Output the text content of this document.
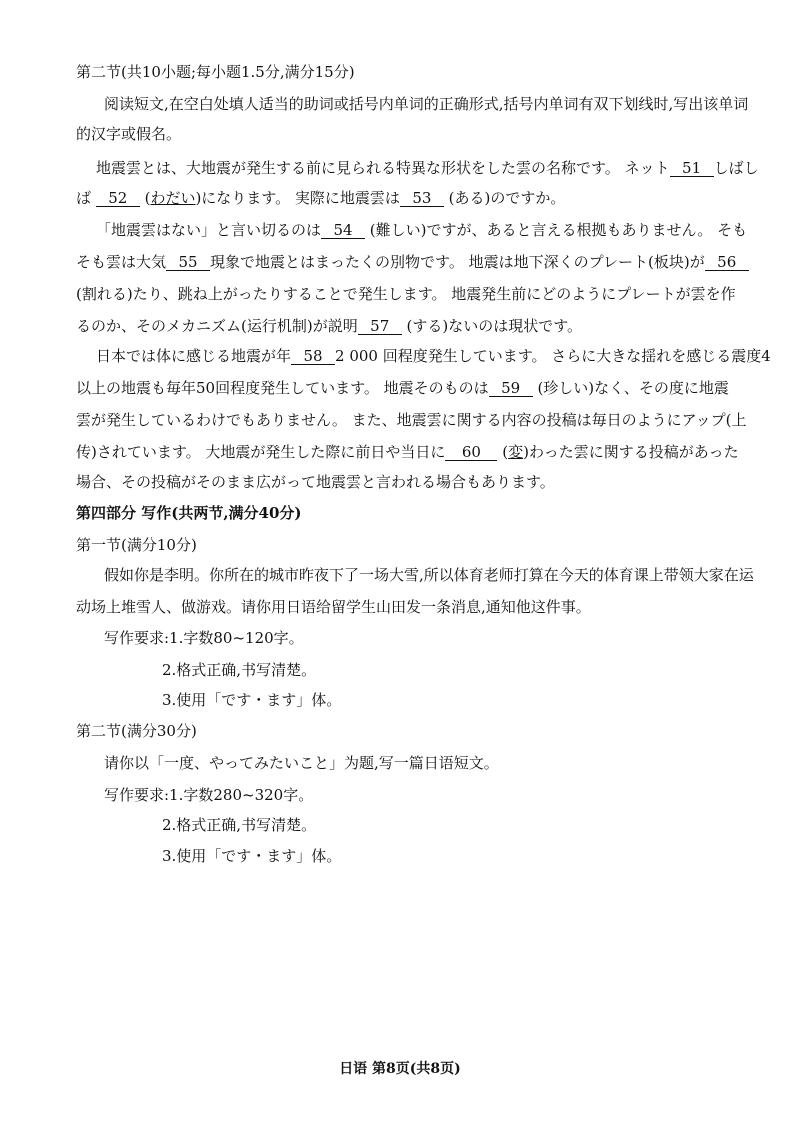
第二节(共10小题;每小题1.5分,满分15分)
阅读短文,在空白处填人适当的助词或括号内单词的正确形式,括号内单词有双下划线时,写出该单词
的汉字或假名。
地震雲とは、大地震が発生する前に見られる特異な形状をした雲の名称です。 ネット 51 しばし
ば 52 (わだい)になります。 実際に地震雲は 53 (ある)のですか。
「地震雲はない」と言い切るのは 54 (難しい)ですが、あると言える根拠もありません。 そも
そも雲は大気 55 現象で地震とはまったくの別物です。 地震は地下深くのプレート(板块)が 56
(割れる)たり、跳ね上がったりすることで発生します。 地震発生前にどのようにプレートが雲を作
るのか、そのメカニズム(运行机制)が説明 57 (する)ないのは現状です。
日本では体に感じる地震が年 58 2 000 回程度発生しています。 さらに大きな揺れを感じる震度4
以上の地震も毎年50回程度発生しています。 地震そのものは 59 (珍しい)なく、その度に地震
雲が発生しているわけでもありません。 また、地震雲に関する内容の投稿は毎日のようにアップ(上
传)されています。 大地震が発生した際に前日や当日に 60 (変)わった雲に関する投稿があった
場合、その投稿がそのまま広がって地震雲と言われる場合もあります。
第四部分 写作(共两节,满分40分)
第一节(满分10分)
假如你是李明。你所在的城市昨夜下了一场大雪,所以体育老师打算在今天的体育课上带领大家在运
动场上堆雪人、做游戏。请你用日语给留学生山田发一条消息,通知他这件事。
写作要求:1.字数80~120字。
2.格式正确,书写清楚。
3.使用「です・ます」体。
第二节(满分30分)
请你以「一度、やってみたいこと」为题,写一篇日语短文。
写作要求:1.字数280~320字。
2.格式正确,书写清楚。
3.使用「です・ます」体。
日语 第8页(共8页)
